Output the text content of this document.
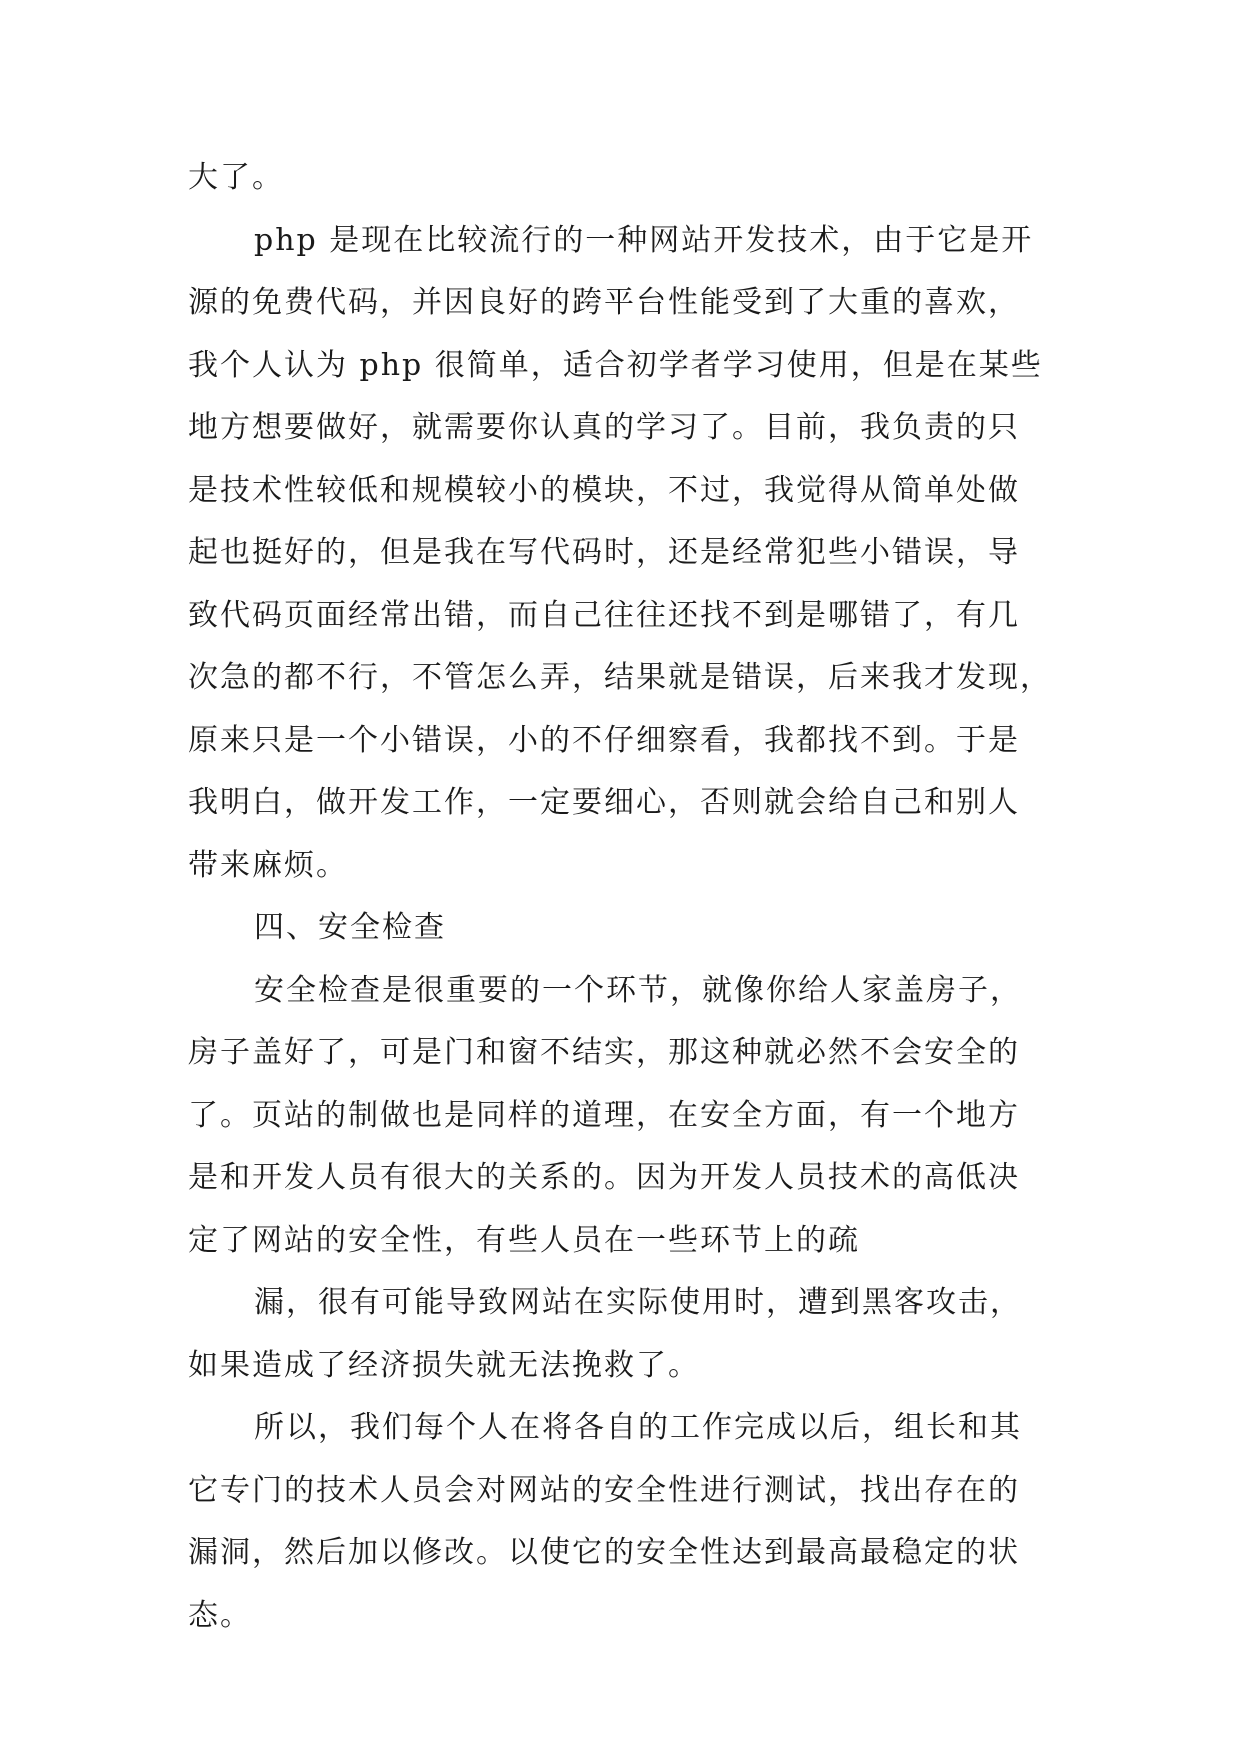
大了。
php 是现在比较流行的一种网站开发技术，由于它是开
源的免费代码，并因良好的跨平台性能受到了大重的喜欢，
我个人认为 php 很简单，适合初学者学习使用，但是在某些
地方想要做好，就需要你认真的学习了。目前，我负责的只
是技术性较低和规模较小的模块，不过，我觉得从简单处做
起也挺好的，但是我在写代码时，还是经常犯些小错误，导
致代码页面经常出错，而自己往往还找不到是哪错了，有几
次急的都不行，不管怎么弄，结果就是错误，后来我才发现，
原来只是一个小错误，小的不仔细察看，我都找不到。于是
我明白，做开发工作，一定要细心，否则就会给自己和别人
带来麻烦。
四、安全检查
安全检查是很重要的一个环节，就像你给人家盖房子，
房子盖好了，可是门和窗不结实，那这种就必然不会安全的
了。页站的制做也是同样的道理，在安全方面，有一个地方
是和开发人员有很大的关系的。因为开发人员技术的高低决
定了网站的安全性，有些人员在一些环节上的疏
漏，很有可能导致网站在实际使用时，遭到黑客攻击，
如果造成了经济损失就无法挽救了。
所以，我们每个人在将各自的工作完成以后，组长和其
它专门的技术人员会对网站的安全性进行测试，找出存在的
漏洞，然后加以修改。以使它的安全性达到最高最稳定的状
态。
